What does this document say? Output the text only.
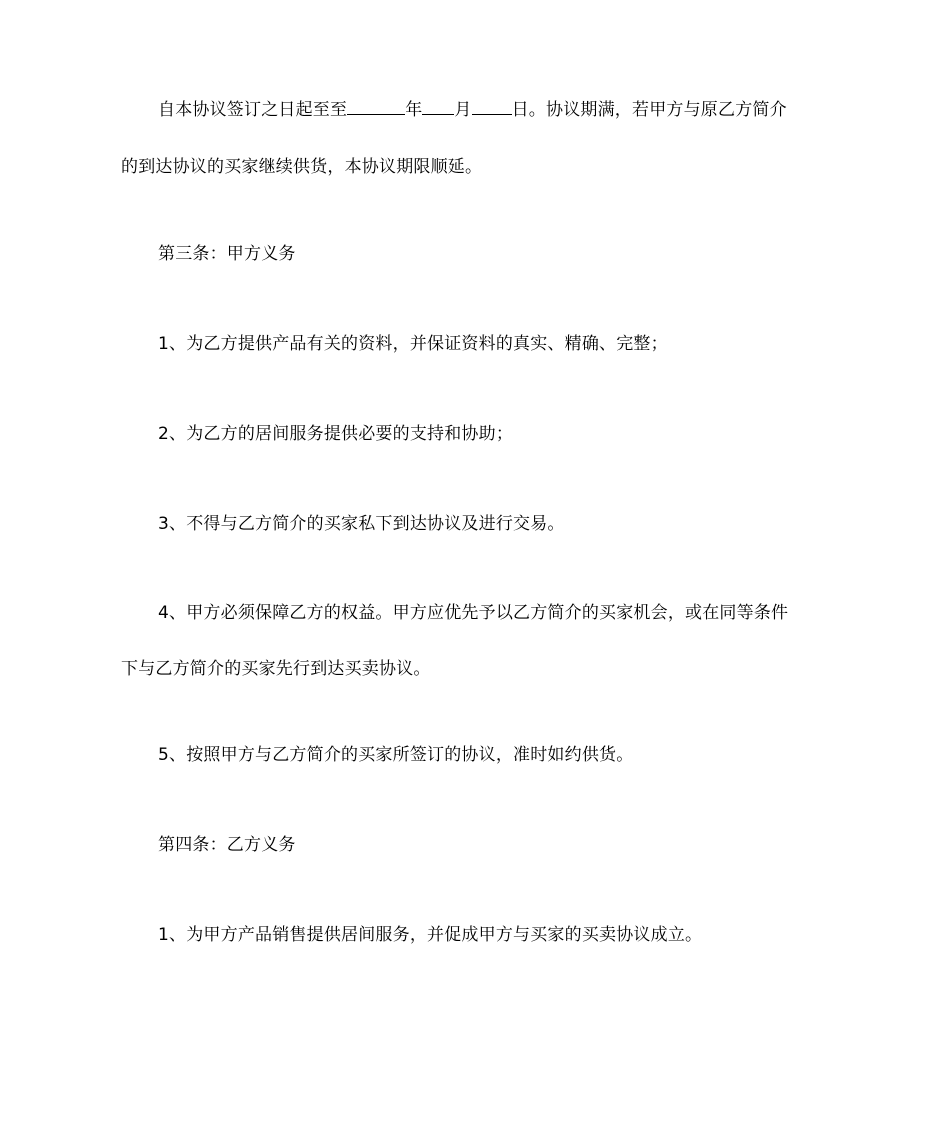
自本协议签订之日起至至	年 月 日。协议期满，若甲方与原乙方简介
的到达协议的买家继续供货，本协议期限顺延。
第三条：甲方义务
1、为乙方提供产品有关的资料，并保证资料的真实、精确、完整；
2、为乙方的居间服务提供必要的支持和协助；
3、不得与乙方简介的买家私下到达协议及进行交易。
4、甲方必须保障乙方的权益。甲方应优先予以乙方简介的买家机会，或在同等条件
下与乙方简介的买家先行到达买卖协议。
5、按照甲方与乙方简介的买家所签订的协议，准时如约供货。
第四条：乙方义务
1、为甲方产品销售提供居间服务，并促成甲方与买家的买卖协议成立。
